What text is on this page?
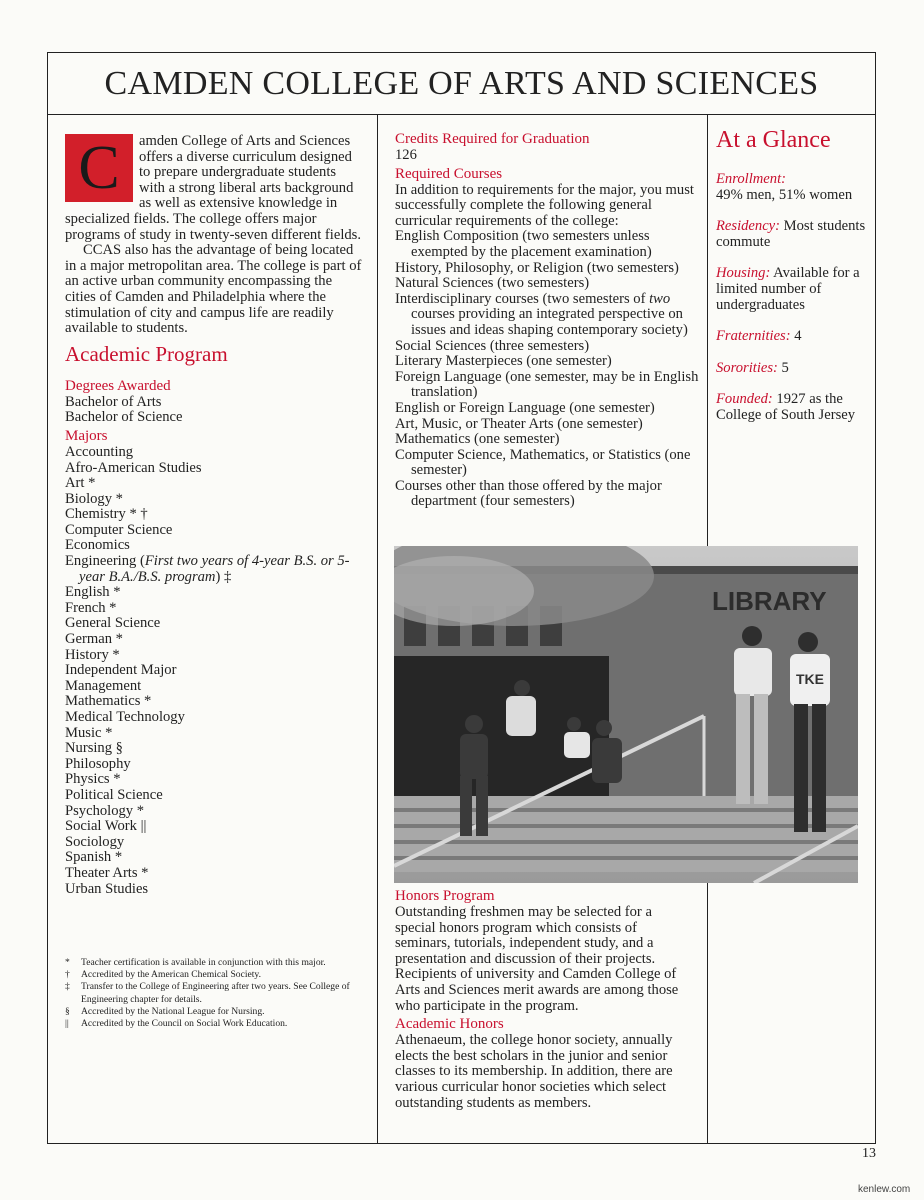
CAMDEN COLLEGE OF ARTS AND SCIENCES
C	amden College of Arts and Sciences offers a diverse curriculum designed to prepare undergraduate students with a strong liberal arts background as well as extensive knowledge in specialized fields. The college offers major programs of study in twenty-seven different fields.

CCAS also has the advantage of being located in a major metropolitan area. The college is part of an active urban community encompassing the cities of Camden and Philadelphia where the stimulation of city and campus life are readily available to students.

Academic Program
Degrees Awarded
Bachelor of Arts
Bachelor of Science
Majors
Accounting
Afro-American Studies
Art *
Biology *
Chemistry * †
Computer Science
Economics
Engineering (First two years of 4-year B.S. or 5-year B.A./B.S. program) ‡
English *
French *
General Science
German *
History *
Independent Major
Management
Mathematics *
Medical Technology
Music *
Nursing §
Philosophy
Physics *
Political Science
Psychology *
Social Work ||
Sociology
Spanish *
Theater Arts *
Urban Studies
*	Teacher certification is available in conjunction with this major.
†	Accredited by the American Chemical Society.
‡	Transfer to the College of Engineering after two years. See College of Engineering chapter for details.
§	Accredited by the National League for Nursing.
||	Accredited by the Council on Social Work Education.
Credits Required for Graduation
126
Required Courses
In addition to requirements for the major, you must successfully complete the following general curricular requirements of the college:
English Composition (two semesters unless exempted by the placement examination)
History, Philosophy, or Religion (two semesters)
Natural Sciences (two semesters)
Interdisciplinary courses (two semesters of two courses providing an integrated perspective on issues and ideas shaping contemporary society)
Social Sciences (three semesters)
Literary Masterpieces (one semester)
Foreign Language (one semester, may be in English translation)
English or Foreign Language (one semester)
Art, Music, or Theater Arts (one semester)
Mathematics (one semester)
Computer Science, Mathematics, or Statistics (one semester)
Courses other than those offered by the major department (four semesters)
LIBRARY
TKE
Honors Program
Outstanding freshmen may be selected for a special honors program which consists of seminars, tutorials, independent study, and a presentation and discussion of their projects. Recipients of university and Camden College of Arts and Sciences merit awards are among those who participate in the program.
Academic Honors
Athenaeum, the college honor society, annually elects the best scholars in the junior and senior classes to its membership. In addition, there are various curricular honor societies which select outstanding students as members.
At a Glance
Enrollment:
49% men, 51% women
Residency: Most students commute
Housing: Available for a limited number of undergraduates
Fraternities: 4
Sororities: 5
Founded: 1927 as the College of South Jersey
13
kenlew.com
